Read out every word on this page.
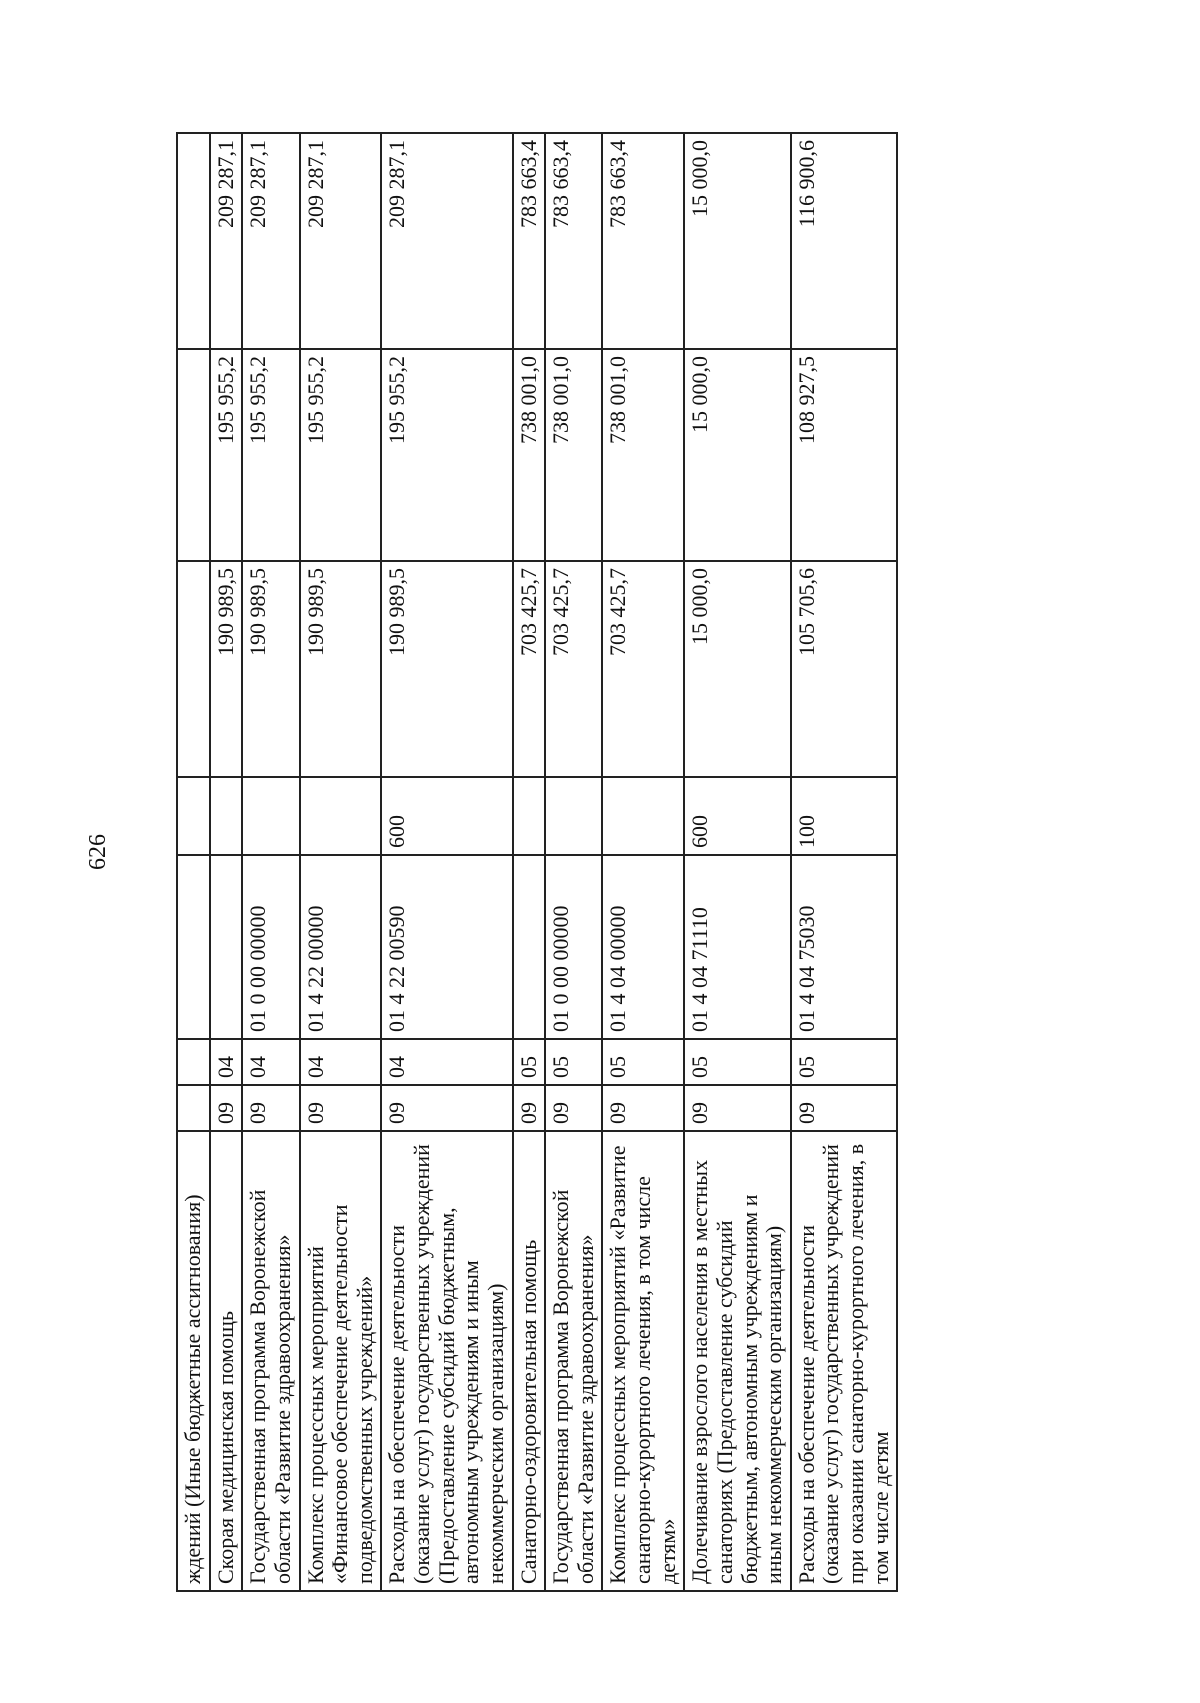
626
ждений (Иные бюджетные ассигнования)							
Скорая медицинская помощь	09	04			190 989,5	195 955,2	209 287,1
Государственная программа Воронежской области «Развитие здравоохранения»	09	04	01 0 00 00000		190 989,5	195 955,2	209 287,1
Комплекс процессных мероприятий «Финансовое обеспечение деятельности подведомственных учреждений»	09	04	01 4 22 00000		190 989,5	195 955,2	209 287,1
Расходы на обеспечение деятельности (оказание услуг) государственных учреждений (Предоставление субсидий бюджетным, автономным учреждениям и иным некоммерческим организациям)	09	04	01 4 22 00590	600	190 989,5	195 955,2	209 287,1
Санаторно-оздоровительная помощь	09	05			703 425,7	738 001,0	783 663,4
Государственная программа Воронежской области «Развитие здравоохранения»	09	05	01 0 00 00000		703 425,7	738 001,0	783 663,4
Комплекс процессных мероприятий «Развитие санаторно-курортного лечения, в том числе детям»	09	05	01 4 04 00000		703 425,7	738 001,0	783 663,4
Долечивание взрослого населения в местных санаториях (Предоставление субсидий бюджетным, автономным учреждениям и иным некоммерческим организациям)	09	05	01 4 04 71110	600	15 000,0	15 000,0	15 000,0
Расходы на обеспечение деятельности (оказание услуг) государственных учреждений при оказании санаторно-курортного лечения, в том числе детям	09	05	01 4 04 75030	100	105 705,6	108 927,5	116 900,6
